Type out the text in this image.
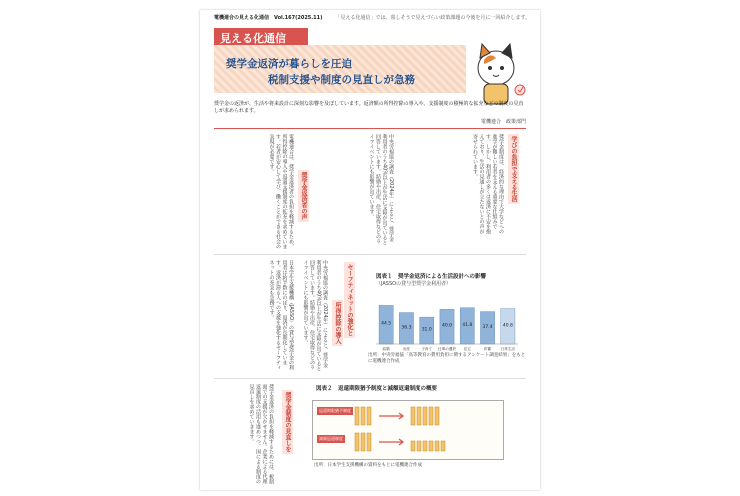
電機連合の見える化通信　Vol.167(2025.11)	「見える化通信」では、暮しそうで見えづらい政策課題の今後を月に一回紹介します。
見える化通信
奨学金返済が暮らしを圧迫
税制支援や制度の見直しが急務
奨学金の返済が、生活や将来設計に深刻な影響を及ぼしています。返済額の所得控除の導入や、支援制度の積極的な拡充などの制度の見直しが求められます。
電機連合　政策部門
奨学金制度は、経済的な理由で大学などへの進学が難しい若者を支える重要な仕組みです。しかし、利用者の多くは返済に不安を抱えており、生活の見通しが立たないとの声が寄せられています。	学びの負担で支える生活
中央労福協の調査（2024年）によると、奨学金利用者のうち40%以上が生活に支障が出ていると回答しています。結婚や出産、住宅取得などのライフイベントにも影響が出ています。
奨学金返済者の声
電機連合は、奨学金返済者の負担を軽減するため、所得控除の導入や返還支援制度の拡充を求めています。若者が安心して学び、働くことができる社会の実現が必要です。
日本学生支援機構（JASSO）の貸与型奨学金の利用者は約半数にのぼり、返済が長期化しています。返済が滞る人への支援を強化するセーフティネットの充実も急務です。	セーフティネットの強化と
所得控除の導入
中央労福協の調査（2024年）によると、奨学金利用者のうち40%以上が生活に支障が出ていると回答しています。結婚や出産、住宅取得などのライフイベントにも影響が出ています。	図表１　奨学金返済による生活設計への影響
（JASSOの貸与型奨学金利用者）
44.5
結婚
36.3
出産
31.0
子育て
40.0
仕事の選択
41.8
住宅
37.4
貯蓄
40.8
日常生活
出所：中央労福協「高等教育の費用負担に関するアンケート調査結果」をもとに電機連合作成
奨学金返済の負担を軽減するためには、税制面での支援が欠かせません。企業による代理返還制度の活用も進めつつ、国による制度の見直しを求めていきます。	奨学金制度の見直しを
図表２　返還期限猶予制度と減額返還制度の概要
返還期限猶予制度
減額返還制度
出所：日本学生支援機構の資料をもとに電機連合作成
